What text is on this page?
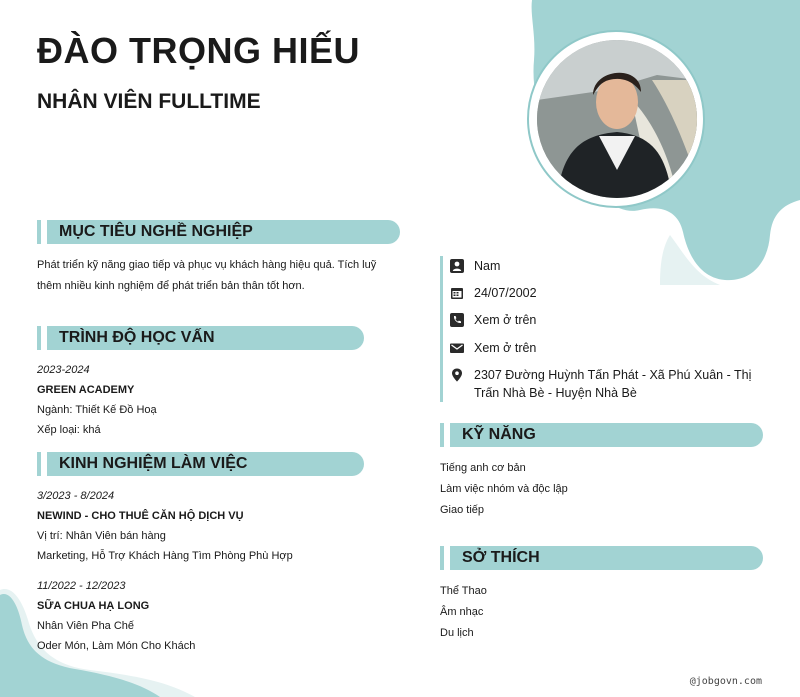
ĐÀO TRỌNG HIẾU
NHÂN VIÊN FULLTIME
MỤC TIÊU NGHỀ NGHIỆP
Phát triển kỹ năng giao tiếp và phục vụ khách hàng hiệu quả. Tích luỹ
thêm nhiều kinh nghiệm để phát triển bản thân tốt hơn.
TRÌNH ĐỘ HỌC VẤN
2023-2024
GREEN ACADEMY
Ngành: Thiết Kế Đồ Hoạ
Xếp loại: khá
KINH NGHIỆM LÀM VIỆC
3/2023 - 8/2024
NEWIND - CHO THUÊ CĂN HỘ DỊCH VỤ
Vị trí: Nhân Viên bán hàng
Marketing, Hỗ Trợ Khách Hàng Tìm Phòng Phù Hợp
11/2022 - 12/2023
SỮA CHUA HẠ LONG
Nhân Viên Pha Chế
Oder Món, Làm Món Cho Khách
Nam
24/07/2002
Xem ở trên
Xem ở trên
2307 Đường Huỳnh Tấn Phát - Xã Phú Xuân - Thị
Trấn Nhà Bè - Huyện Nhà Bè
KỸ NĂNG
Tiếng anh cơ bản
Làm việc nhóm và độc lập
Giao tiếp
SỞ THÍCH
Thể Thao
Âm nhạc
Du lịch
@jobgovn.com
